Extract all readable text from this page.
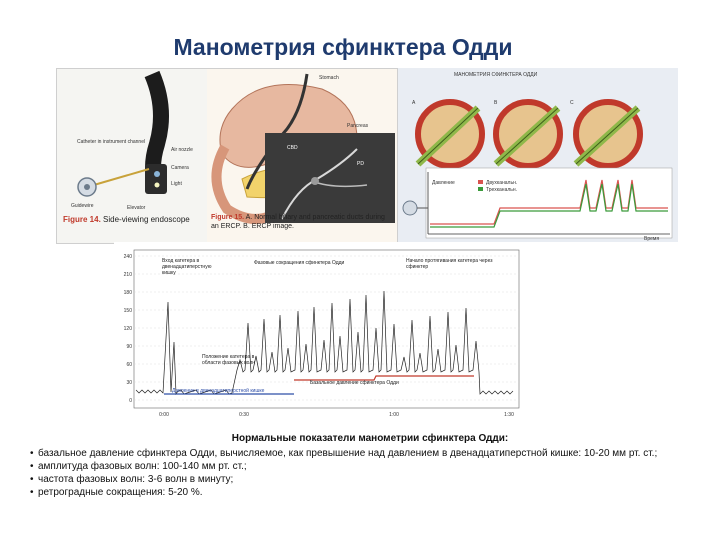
Манометрия сфинктера Одди
CBD
PD
Stomach
Pancreas
Catheter in instrument channel
Air nozzle
Camera
Light
Elevator
Guidewire
Figure 14. Side-viewing endoscope	Figure 15. A. Normal biliary and pancreatic ducts during an ERCP. B. ERCP image.
МАНОМЕТРИЯ СФИНКТЕРА ОДДИ
A	B	C
Давление
Время
Двухканальн.
Трехканальн.
240
210
180
150
120
90
60
30
0
0:00	0:30	1:00	1:30
Вход катетера в двенадцатиперстную кишку
Фазовые сокращения сфинктера Одди	Начало протягивания катетера через сфинктер
Положение катетера в области фазовых волн
Базальное давление сфинктера Одди
Давление в двенадцатиперстной кишке
Нормальные показатели манометрии сфинктера Одди:
• базальное давление сфинктера Одди, вычисляемое, как превышение над давлением в двенадцатиперстной кишке: 10-20 мм рт. ст.;
• амплитуда фазовых волн: 100-140 мм рт. ст.;
• частота фазовых волн: 3-6 волн в минуту;
• ретроградные сокращения: 5-20 %.
